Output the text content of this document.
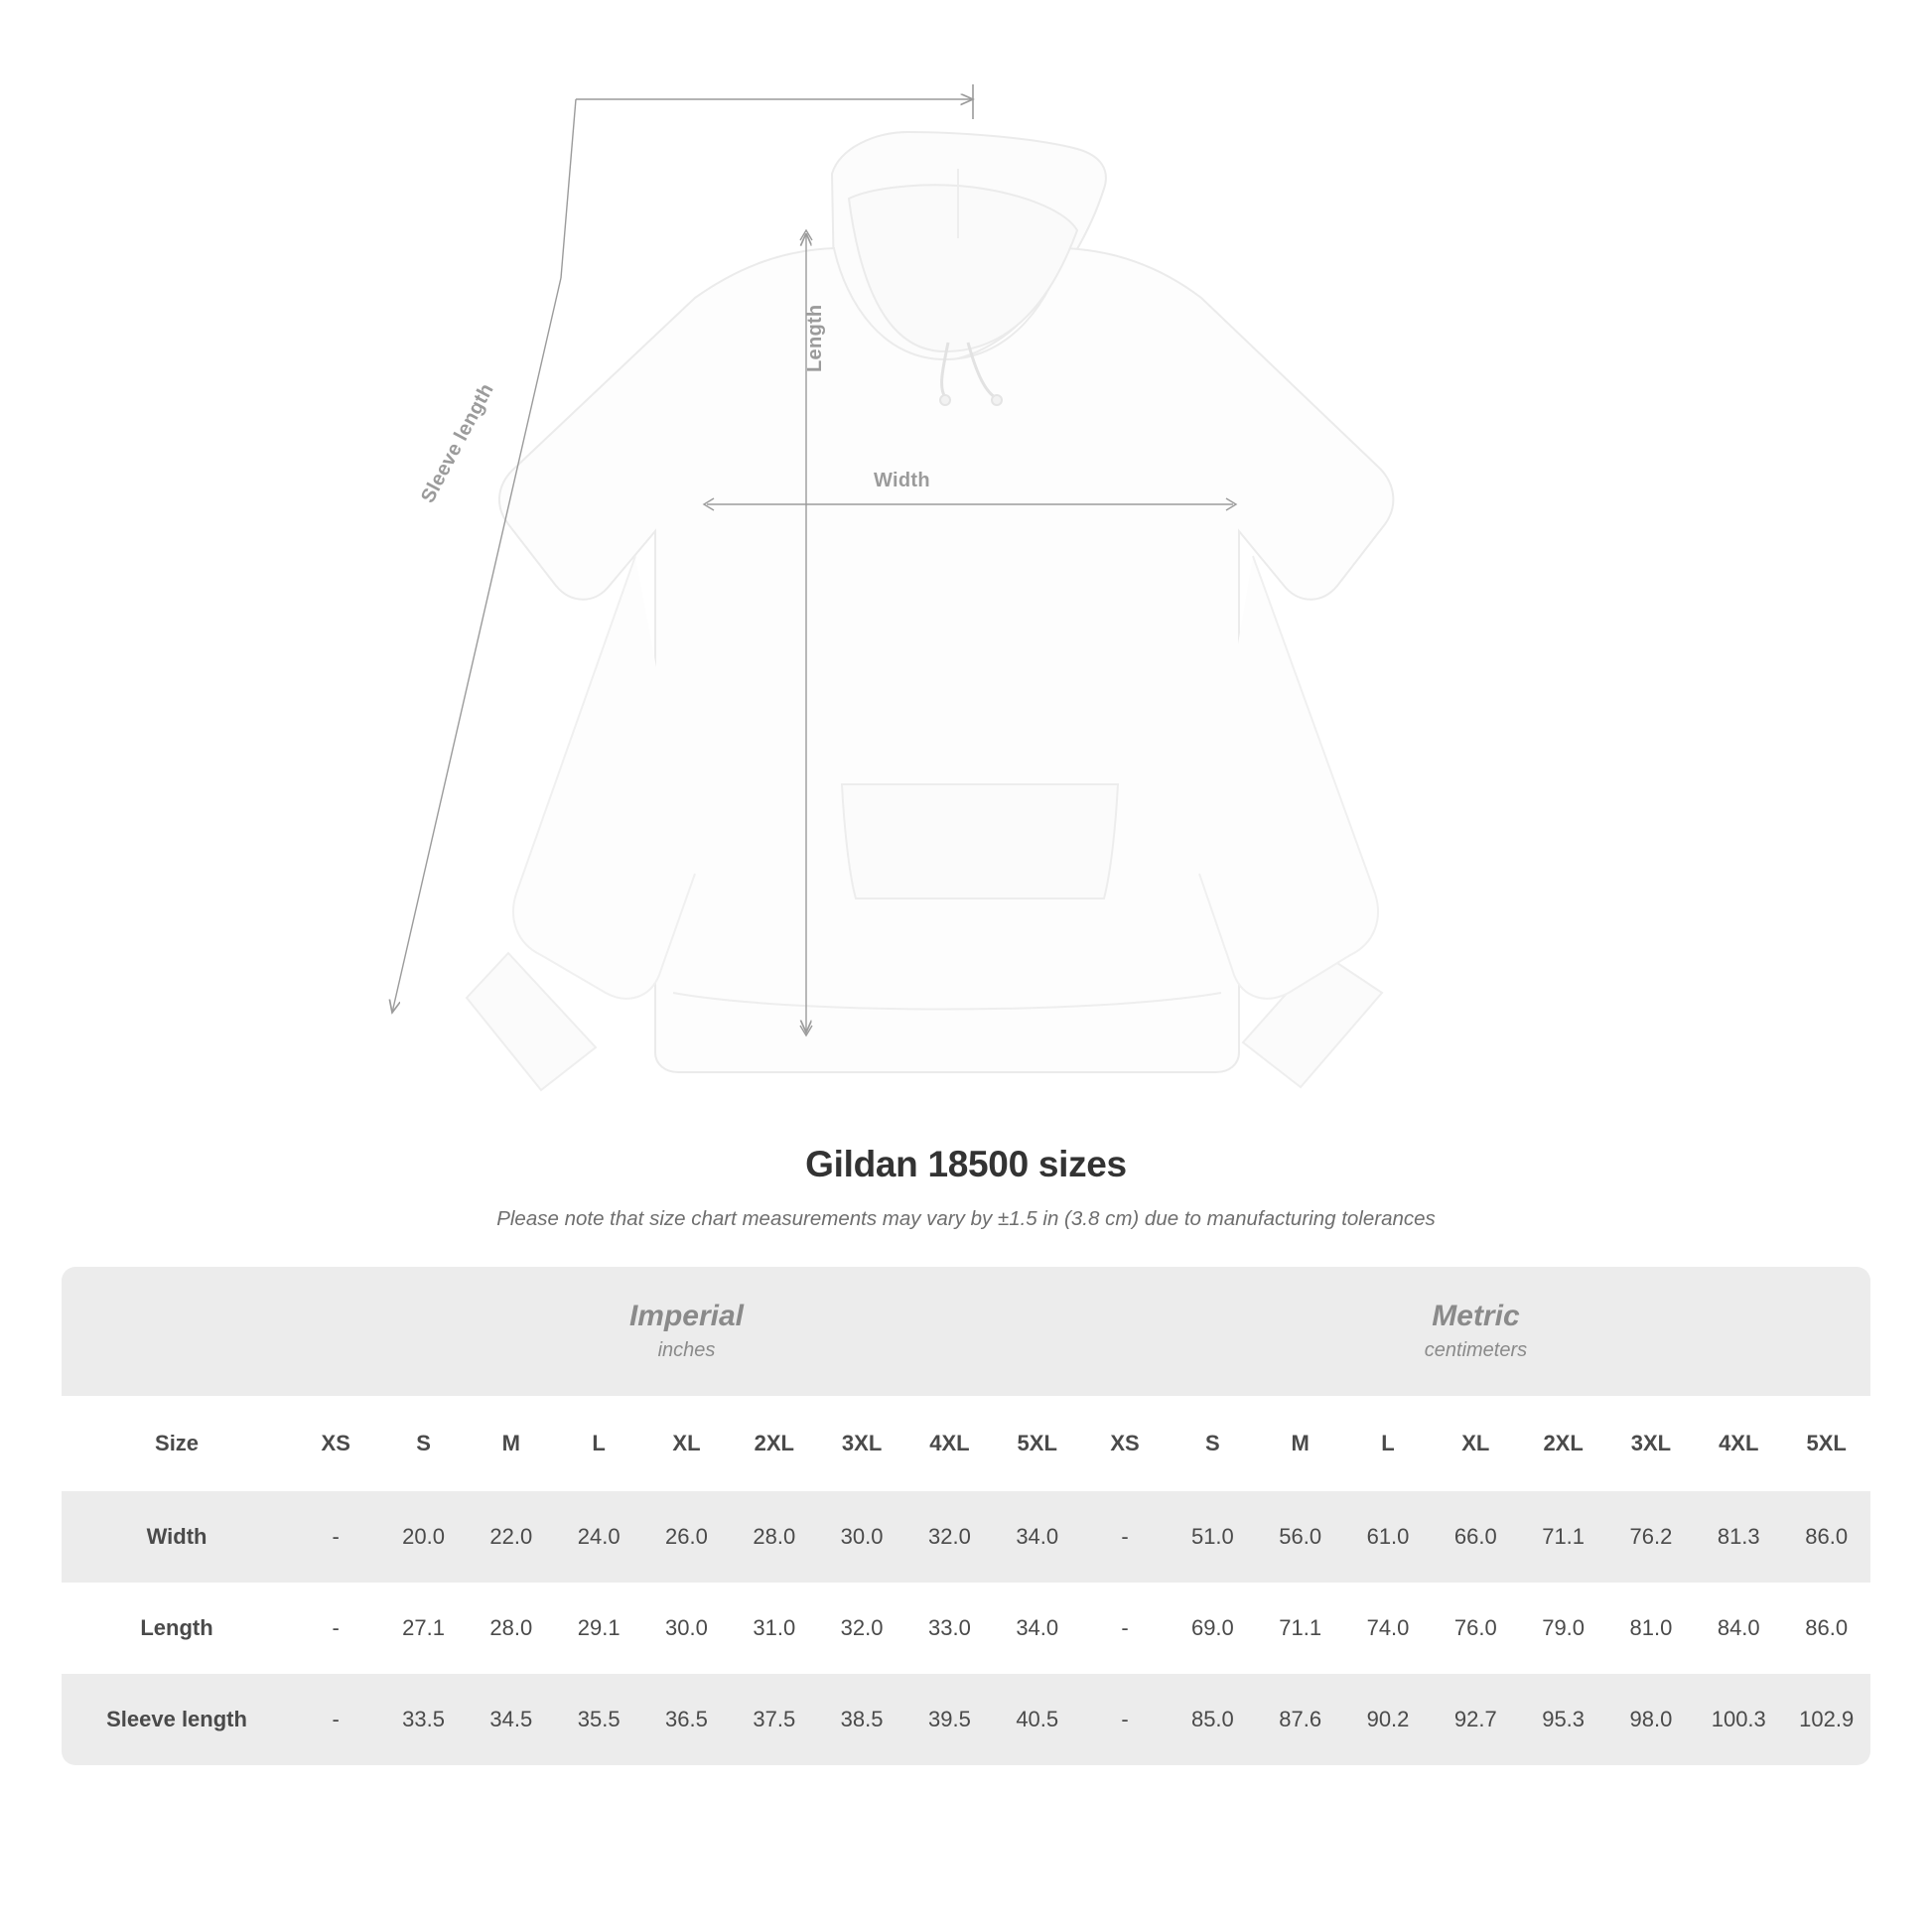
Sleeve length
Length
Width
Gildan 18500 sizes
Please note that size chart measurements may vary by ±1.5 in (3.8 cm) due to manufacturing tolerances

	Imperial
inches									Metric
centimeters								

Size	XS	S	M	L	XL	2XL	3XL	4XL	5XL	XS	S	M	L	XL	2XL	3XL	4XL	5XL
Width	-	20.0	22.0	24.0	26.0	28.0	30.0	32.0	34.0	-	51.0	56.0	61.0	66.0	71.1	76.2	81.3	86.0
Length	-	27.1	28.0	29.1	30.0	31.0	32.0	33.0	34.0	-	69.0	71.1	74.0	76.0	79.0	81.0	84.0	86.0
Sleeve length	-	33.5	34.5	35.5	36.5	37.5	38.5	39.5	40.5	-	85.0	87.6	90.2	92.7	95.3	98.0	100.3	102.9
